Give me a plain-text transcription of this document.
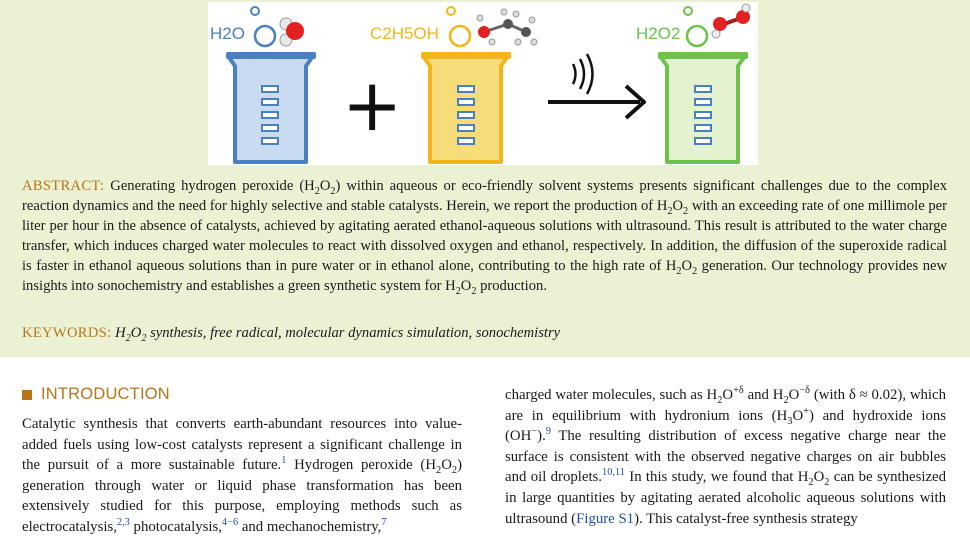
H2O
+
C2H5OH	H2O2
ABSTRACT: Generating hydrogen peroxide $(H_2O_2)$ within aqueous or eco-friendly solvent systems presents significant challenges due to the complex reaction dynamics and the need for highly selective and stable catalysts. Herein, we report the production of $H_2O_2$ with an exceeding rate of one millimole per liter per hour in the absence of catalysts, achieved by agitating aerated ethanol-aqueous solutions with ultrasound. This result is attributed to the water charge transfer, which induces charged water molecules to react with dissolved oxygen and ethanol, respectively. In addition, the diffusion of the superoxide radical is faster in ethanol aqueous solutions than in pure water or in ethanol alone, contributing to the high rate of $H_2O_2$ generation. Our technology provides new insights into sonochemistry and establishes a green synthetic system for $H_2O_2$ production.
KEYWORDS: $H_2O_2$ synthesis, free radical, molecular dynamics simulation, sonochemistry
INTRODUCTION
Catalytic synthesis that converts earth-abundant resources into value-added fuels using low-cost catalysts represent a significant challenge in the pursuit of a more sustainable future.$^1$ Hydrogen peroxide $(H_2O_2)$ generation through water or liquid phase transformation has been extensively studied for this purpose, employing methods such as electrocatalysis,$^{2,3}$ photocatalysis,$^{4-6}$ and mechanochemistry,$^7$
charged water molecules, such as $H_2O^{+\delta}$ and $H_2O^{-\delta}$ (with δ ≈ 0.02), which are in equilibrium with hydronium ions $(H_3O^+)$ and hydroxide ions (OH−).$^9$ The resulting distribution of excess negative charge near the surface is consistent with the observed negative charges on air bubbles and oil droplets.$^{10,11}$ In this study, we found that $H_2O_2$ can be synthesized in large quantities by agitating aerated alcoholic aqueous solutions with ultrasound (Figure S1). This catalyst-free synthesis strategy
